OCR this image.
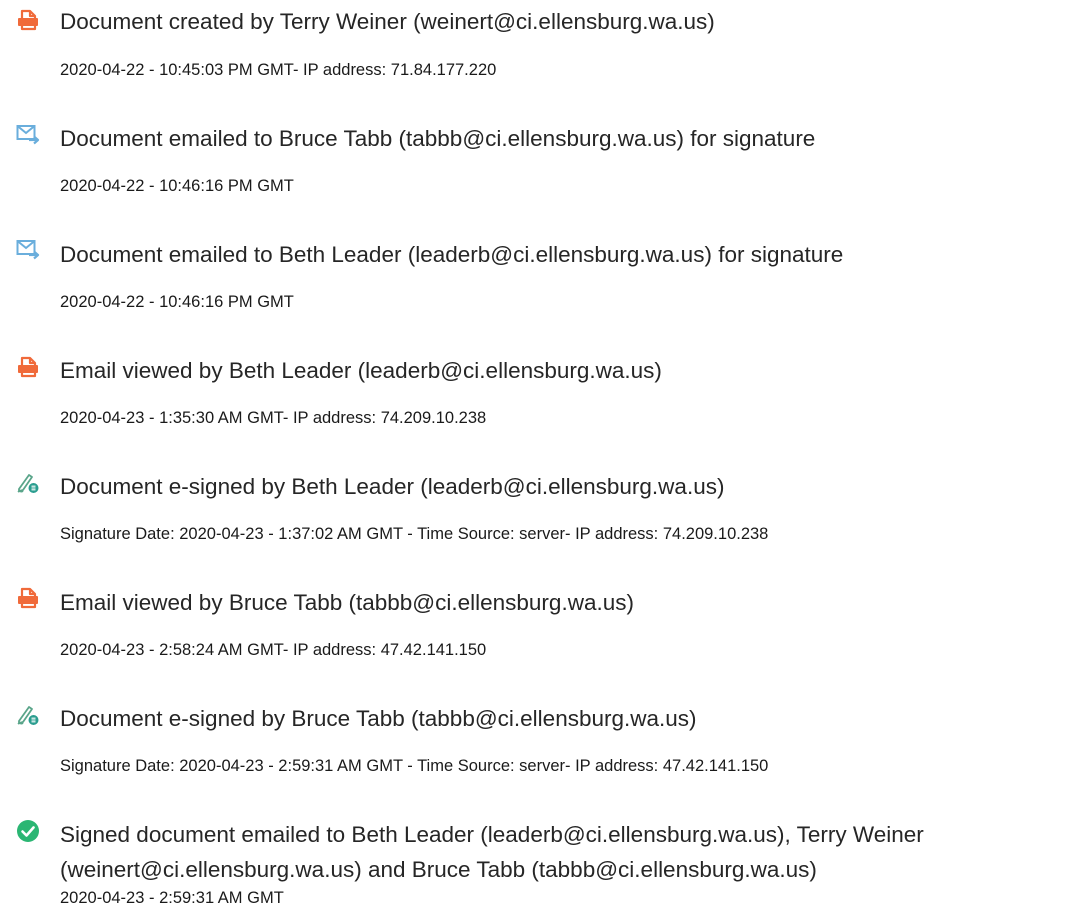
Document created by Terry Weiner (weinert@ci.ellensburg.wa.us)
2020-04-22 - 10:45:03 PM GMT- IP address: 71.84.177.220
Document emailed to Bruce Tabb (tabbb@ci.ellensburg.wa.us) for signature
2020-04-22 - 10:46:16 PM GMT
Document emailed to Beth Leader (leaderb@ci.ellensburg.wa.us) for signature
2020-04-22 - 10:46:16 PM GMT
Email viewed by Beth Leader (leaderb@ci.ellensburg.wa.us)
2020-04-23 - 1:35:30 AM GMT- IP address: 74.209.10.238
Document e-signed by Beth Leader (leaderb@ci.ellensburg.wa.us)
Signature Date: 2020-04-23 - 1:37:02 AM GMT - Time Source: server- IP address: 74.209.10.238
Email viewed by Bruce Tabb (tabbb@ci.ellensburg.wa.us)
2020-04-23 - 2:58:24 AM GMT- IP address: 47.42.141.150
Document e-signed by Bruce Tabb (tabbb@ci.ellensburg.wa.us)
Signature Date: 2020-04-23 - 2:59:31 AM GMT - Time Source: server- IP address: 47.42.141.150
Signed document emailed to Beth Leader (leaderb@ci.ellensburg.wa.us), Terry Weiner (weinert@ci.ellensburg.wa.us) and Bruce Tabb (tabbb@ci.ellensburg.wa.us)
2020-04-23 - 2:59:31 AM GMT
